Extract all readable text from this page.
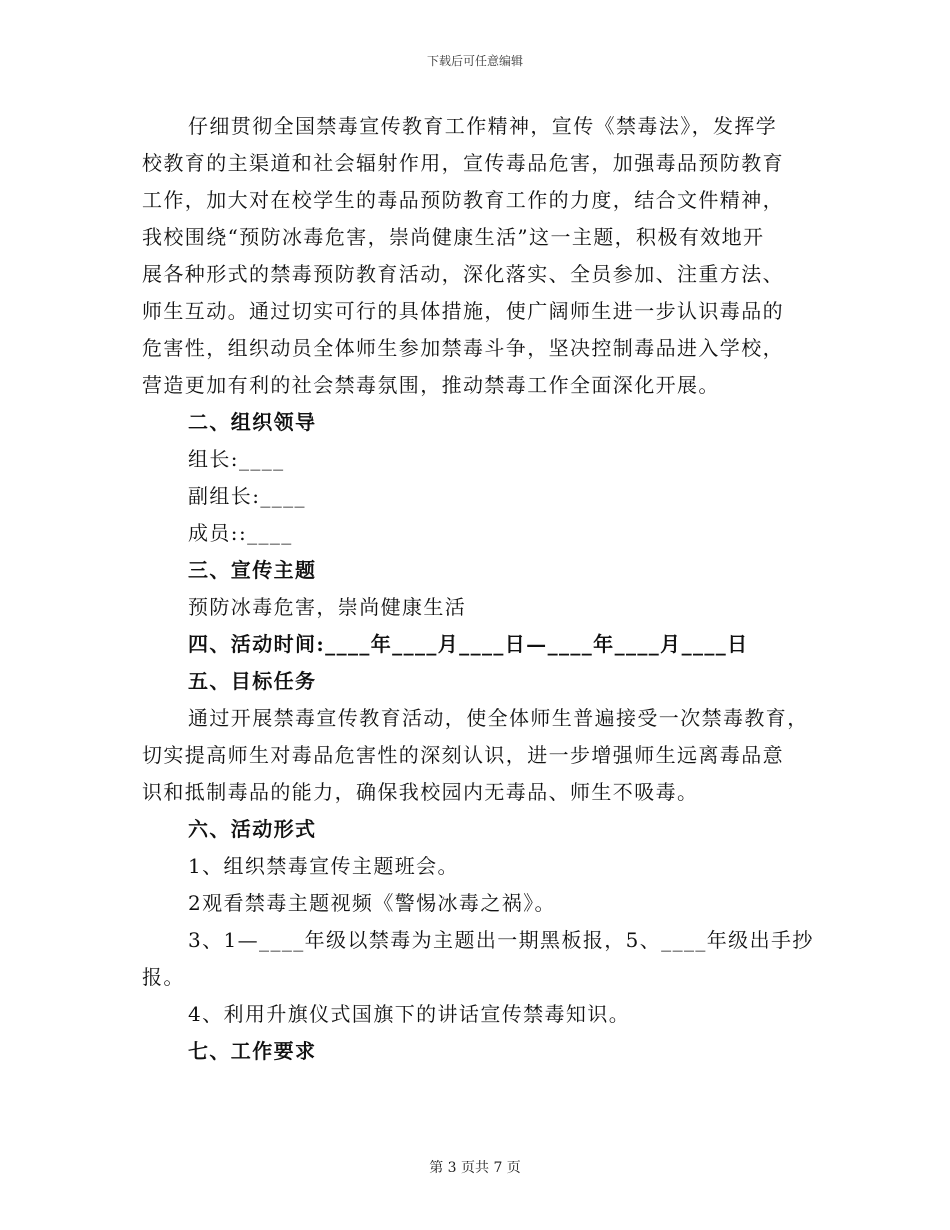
下载后可任意编辑
仔细贯彻全国禁毒宣传教育工作精神，宣传《禁毒法》，发挥学
校教育的主渠道和社会辐射作用，宣传毒品危害，加强毒品预防教育
工作，加大对在校学生的毒品预防教育工作的力度，结合文件精神，
我校围绕“预防冰毒危害，崇尚健康生活”这一主题，积极有效地开
展各种形式的禁毒预防教育活动，深化落实、全员参加、注重方法、
师生互动。通过切实可行的具体措施，使广阔师生进一步认识毒品的
危害性，组织动员全体师生参加禁毒斗争，坚决控制毒品进入学校，
营造更加有利的社会禁毒氛围，推动禁毒工作全面深化开展。
二、组织领导
组长:____
副组长:____
成员::____
三、宣传主题
预防冰毒危害，崇尚健康生活
四、活动时间:____年____月____日—____年____月____日
五、目标任务
通过开展禁毒宣传教育活动，使全体师生普遍接受一次禁毒教育，
切实提高师生对毒品危害性的深刻认识，进一步增强师生远离毒品意
识和抵制毒品的能力，确保我校园内无毒品、师生不吸毒。
六、活动形式
1、组织禁毒宣传主题班会。
2观看禁毒主题视频《警惕冰毒之祸》。
3、1—____年级以禁毒为主题出一期黑板报，5、____年级出手抄
报。
4、利用升旗仪式国旗下的讲话宣传禁毒知识。
七、工作要求
第 3 页共 7 页
